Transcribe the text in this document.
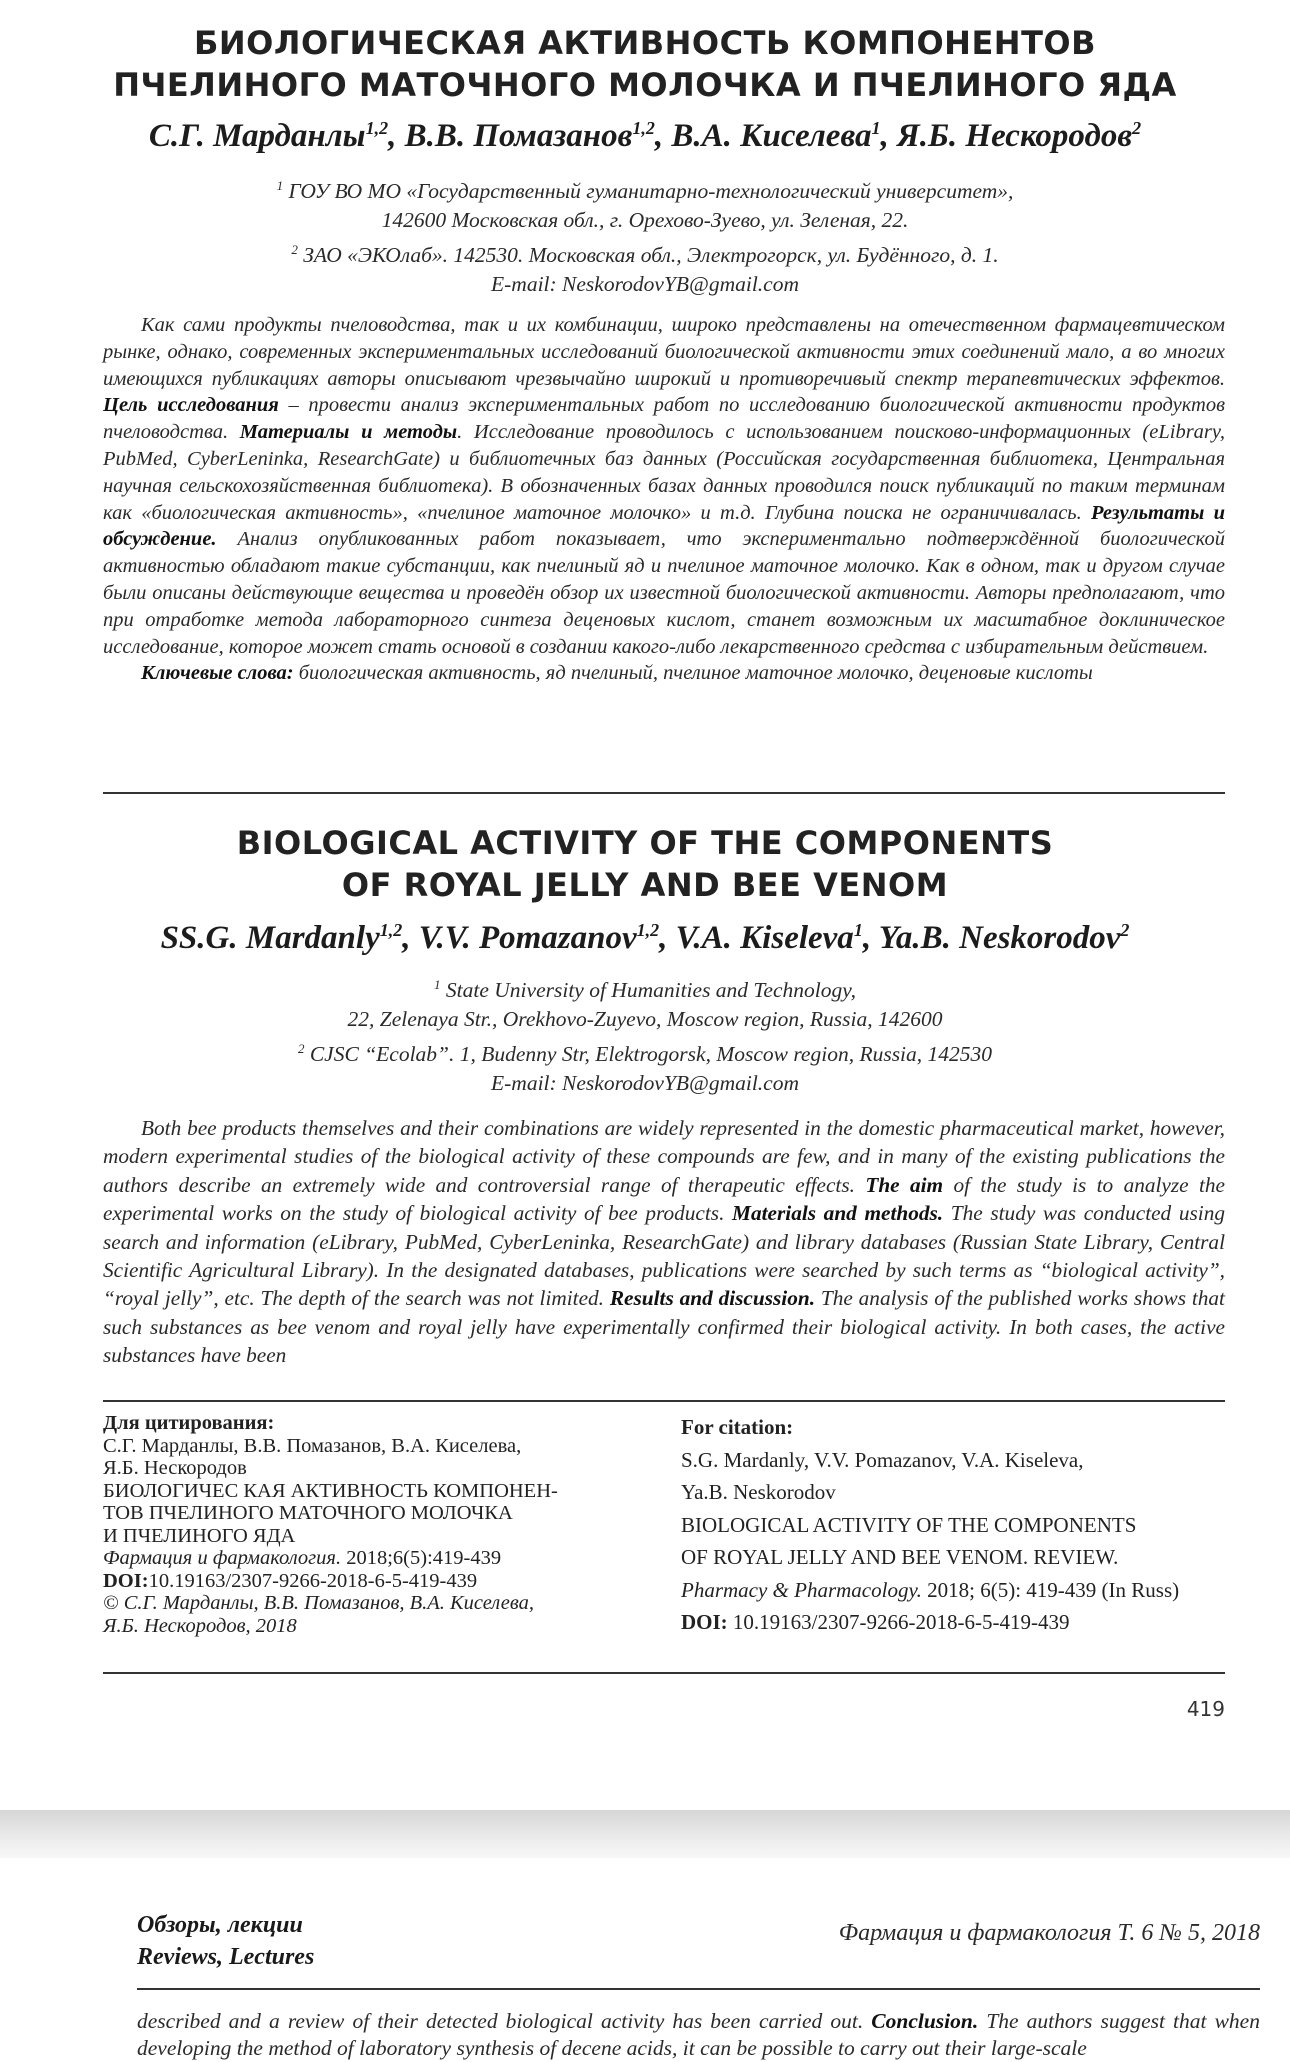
БИОЛОГИЧЕСКАЯ АКТИВНОСТЬ КОМПОНЕНТОВ
ПЧЕЛИНОГО МАТОЧНОГО МОЛОЧКА И ПЧЕЛИНОГО ЯДА
С.Г. Марданлы$^{1,2}$, В.В. Помазанов$^{1,2}$, В.А. Киселева$^1$, Я.Б. Нескородов$^2$
$^1$ ГОУ ВО МО «Государственный гуманитарно-технологический университет»,
142600 Московская обл., г. Орехово-Зуево, ул. Зеленая, 22.
$^2$ ЗАО «ЭКОлаб». 142530. Московская обл., Электрогорск, ул. Будённого, д. 1.
E-mail: NeskorodovYB@gmail.com

Как сами продукты пчеловодства, так и их комбинации, широко представлены на отечественном фармацевтическом рынке, однако, современных экспериментальных исследований биологической активности этих соединений мало, а во многих имеющихся публикациях авторы описывают чрезвычайно широкий и противоречивый спектр терапевтических эффектов. Цель исследования – провести анализ экспериментальных работ по исследованию биологической активности продуктов пчеловодства. Материалы и методы. Исследование проводилось с использованием поисково-информационных (eLibrary, PubMed, CyberLeninka, ResearchGate) и библиотечных баз данных (Российская государственная библиотека, Центральная научная сельскохозяйственная библиотека). В обозначенных базах данных проводился поиск публикаций по таким терминам как «биологическая активность», «пчелиное маточное молочко» и т.д. Глубина поиска не ограничивалась. Результаты и обсуждение. Анализ опубликованных работ показывает, что экспериментально подтверждённой биологической активностью обладают такие субстанции, как пчелиный яд и пчелиное маточное молочко. Как в одном, так и другом случае были описаны действующие вещества и проведён обзор их известной биологической активности. Авторы предполагают, что при отработке метода лабораторного синтеза деценовых кислот, станет возможным их масштабное доклиническое исследование, которое может стать основой в создании какого-либо лекарственного средства с избирательным действием.

Ключевые слова: биологическая активность, яд пчелиный, пчелиное маточное молочко, деценовые кислоты

BIOLOGICAL ACTIVITY OF THE COMPONENTS
OF ROYAL JELLY AND BEE VENOM
SS.G. Mardanly$^{1,2}$, V.V. Pomazanov$^{1,2}$, V.A. Kiseleva$^1$, Ya.B. Neskorodov$^2$
$^1$ State University of Humanities and Technology,
22, Zelenaya Str., Orekhovo-Zuyevo, Moscow region, Russia, 142600
$^2$ CJSC “Ecolab”. 1, Budenny Str, Elektrogorsk, Moscow region, Russia, 142530
E-mail: NeskorodovYB@gmail.com

Both bee products themselves and their combinations are widely represented in the domestic pharmaceutical market, however, modern experimental studies of the biological activity of these compounds are few, and in many of the existing publications the authors describe an extremely wide and controversial range of therapeutic effects. The aim of the study is to analyze the experimental works on the study of biological activity of bee products. Materials and methods. The study was conducted using search and information (eLibrary, PubMed, CyberLeninka, ResearchGate) and library databases (Russian State Library, Central Scientific Agricultural Library). In the designated databases, publications were searched by such terms as “biological activity”, “royal jelly”, etc. The depth of the search was not limited. Results and discussion. The analysis of the published works shows that such substances as bee venom and royal jelly have experimentally confirmed their biological activity. In both cases, the active substances have been

Для цитирования:
С.Г. Марданлы, В.В. Помазанов, В.А. Киселева,
Я.Б. Нескородов
БИОЛОГИЧЕС КАЯ АКТИВНОСТЬ КОМПОНЕН-
ТОВ ПЧЕЛИНОГО МАТОЧНОГО МОЛОЧКА
И ПЧЕЛИНОГО ЯДА
Фармация и фармакология. 2018;6(5):419-439
DOI:10.19163/2307-9266-2018-6-5-419-439
© С.Г. Марданлы, В.В. Помазанов, В.А. Киселева,
Я.Б. Нескородов, 2018
For citation:
S.G. Mardanly, V.V. Pomazanov, V.A. Kiseleva,
Ya.B. Neskorodov
BIOLOGICAL ACTIVITY OF THE COMPONENTS
OF ROYAL JELLY AND BEE VENOM. REVIEW.
Pharmacy & Pharmacology. 2018; 6(5): 419-439 (In Russ)
DOI: 10.19163/2307-9266-2018-6-5-419-439
419
Обзоры, лекции
Reviews, Lectures
Фармация и фармакология Т. 6 № 5, 2018
described and a review of their detected biological activity has been carried out. Conclusion. The authors suggest that when developing the method of laboratory synthesis of decene acids, it can be possible to carry out their large-scale
